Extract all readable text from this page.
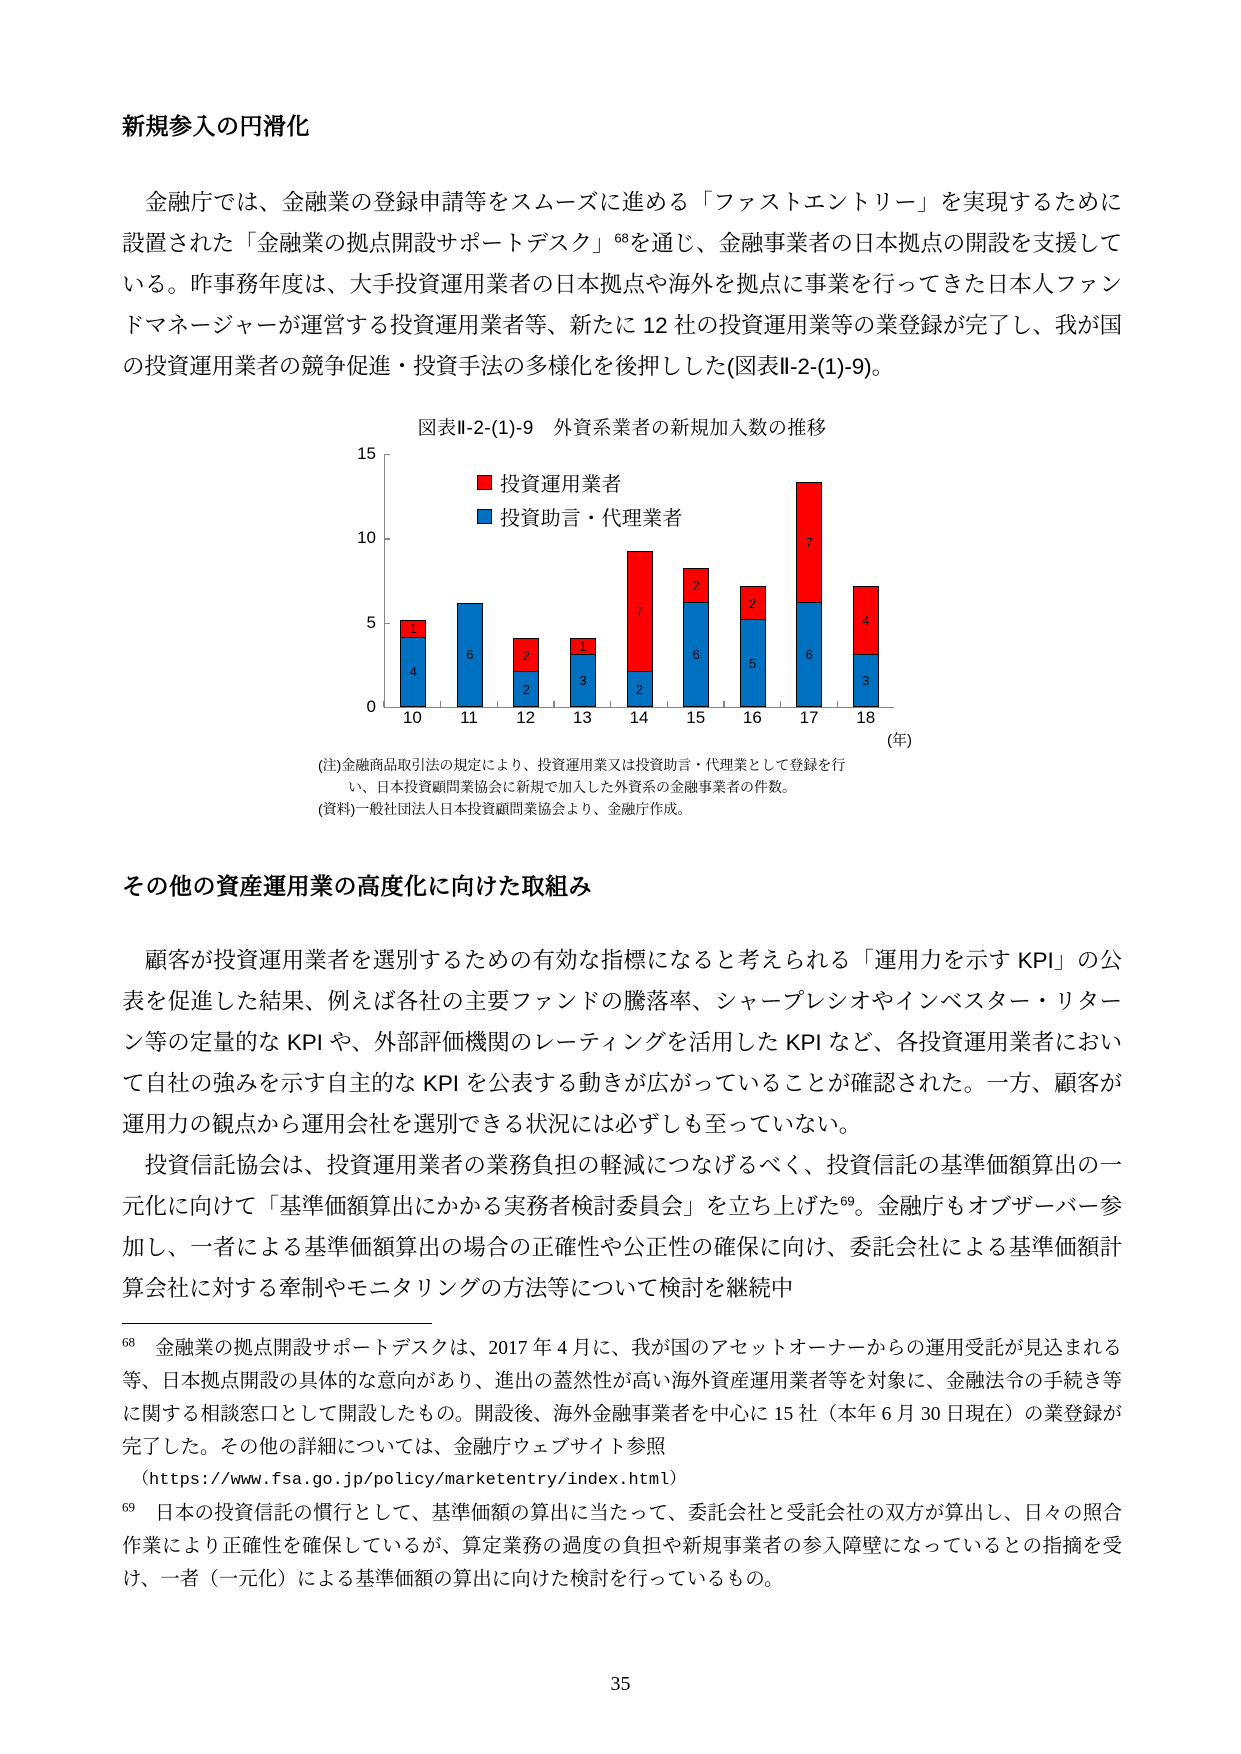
新規参入の円滑化

　金融庁では、金融業の登録申請等をスムーズに進める「ファストエントリー」を実現するために設置された「金融業の拠点開設サポートデスク」$^{68}$を通じ、金融事業者の日本拠点の開設を支援している。昨事務年度は、大手投資運用業者の日本拠点や海外を拠点に事業を行ってきた日本人ファンドマネージャーが運営する投資運用業者等、新たに 12 社の投資運用業等の業登録が完了し、我が国の投資運用業者の競争促進・投資手法の多様化を後押しした(図表Ⅱ-2-(1)-9)。

図表Ⅱ-2-(1)-9　外資系業者の新規加入数の推移
15
10
5
0
投資運用業者
投資助言・代理業者
1
4
6	2
2
1
3
7
2
2
6
2
5
7
6
4
3
10	11	12	13	14	15	16	17	18
(年)
(注)金融商品取引法の規定により、投資運用業又は投資助言・代理業として登録を行
い、日本投資顧問業協会に新規で加入した外資系の金融事業者の件数。
(資料)一般社団法人日本投資顧問業協会より、金融庁作成。
その他の資産運用業の高度化に向けた取組み

　顧客が投資運用業者を選別するための有効な指標になると考えられる「運用力を示す KPI」の公表を促進した結果、例えば各社の主要ファンドの騰落率、シャープレシオやインベスター・リターン等の定量的な KPI や、外部評価機関のレーティングを活用した KPI など、各投資運用業者において自社の強みを示す自主的な KPI を公表する動きが広がっていることが確認された。一方、顧客が運用力の観点から運用会社を選別できる状況には必ずしも至っていない。

　投資信託協会は、投資運用業者の業務負担の軽減につなげるべく、投資信託の基準価額算出の一元化に向けて「基準価額算出にかかる実務者検討委員会」を立ち上げた$^{69}$。金融庁もオブザーバー参加し、一者による基準価額算出の場合の正確性や公正性の確保に向け、委託会社による基準価額計算会社に対する牽制やモニタリングの方法等について検討を継続中

$^{68}$　金融業の拠点開設サポートデスクは、2017 年 4 月に、我が国のアセットオーナーからの運用受託が見込まれる等、日本拠点開設の具体的な意向があり、進出の蓋然性が高い海外資産運用業者等を対象に、金融法令の手続き等に関する相談窓口として開設したもの。開設後、海外金融事業者を中心に 15 社（本年 6 月 30 日現在）の業登録が完了した。その他の詳細については、金融庁ウェブサイト参照

（https://www.fsa.go.jp/policy/marketentry/index.html）

$^{69}$　日本の投資信託の慣行として、基準価額の算出に当たって、委託会社と受託会社の双方が算出し、日々の照合作業により正確性を確保しているが、算定業務の過度の負担や新規事業者の参入障壁になっているとの指摘を受け、一者（一元化）による基準価額の算出に向けた検討を行っているもの。

35
